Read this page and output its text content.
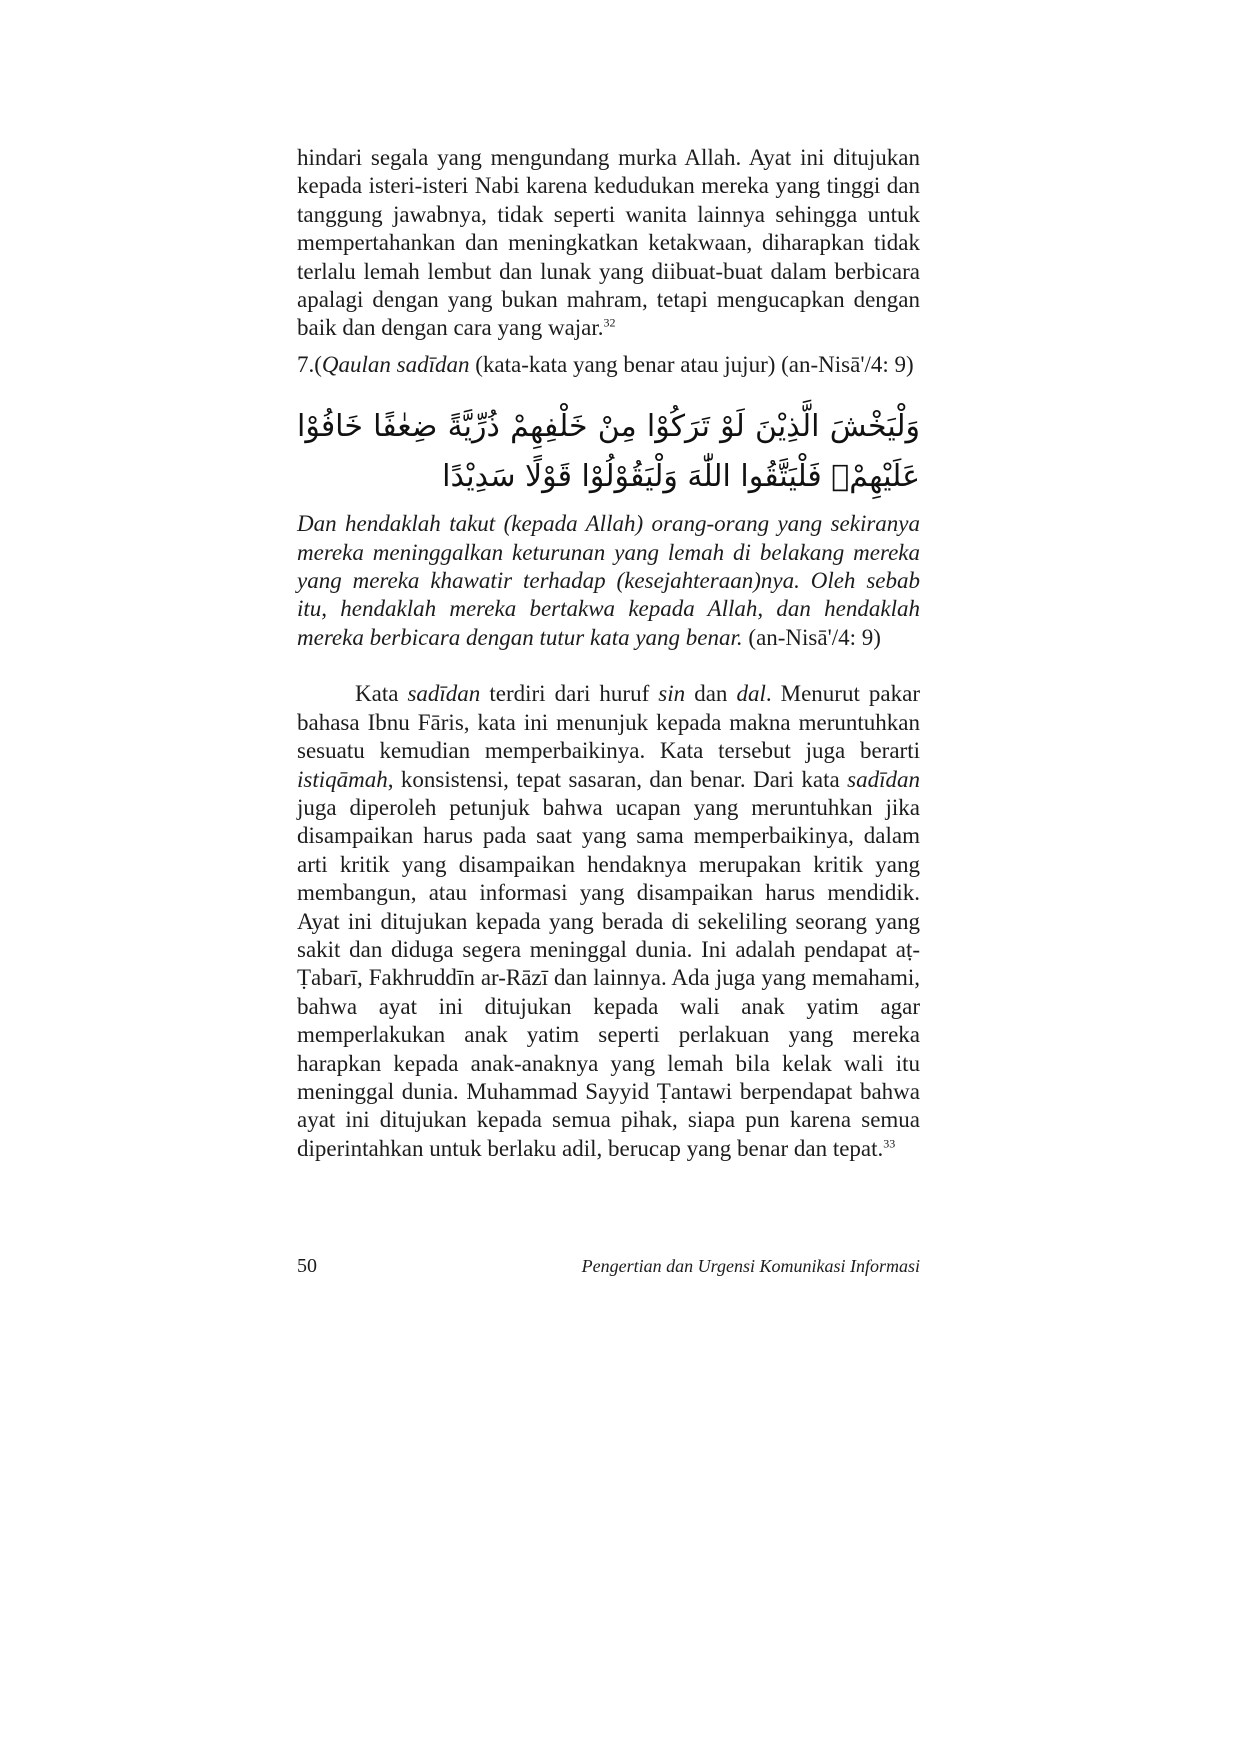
hindari segala yang mengundang murka Allah. Ayat ini ditujukan kepada isteri-isteri Nabi karena kedudukan mereka yang tinggi dan tanggung jawabnya, tidak seperti wanita lainnya sehingga untuk mempertahankan dan meningkatkan ketakwaan, diharapkan tidak terlalu lemah lembut dan lunak yang diibuat-buat dalam berbicara apalagi dengan yang bukan mahram, tetapi mengucapkan dengan baik dan dengan cara yang wajar.$^{32}$

7.(Qaulan sadīdan (kata-kata yang benar atau jujur) (an-Nisā'/4: 9)

وَلْيَخْشَ الَّذِيْنَ لَوْ تَرَكُوْا مِنْ خَلْفِهِمْ ذُرِّيَّةً ضِعٰفًا خَافُوْا عَلَيْهِمْۖ فَلْيَتَّقُوا اللّٰهَ وَلْيَقُوْلُوْا قَوْلًا سَدِيْدًا

Dan hendaklah takut (kepada Allah) orang-orang yang sekiranya mereka meninggalkan keturunan yang lemah di belakang mereka yang mereka khawatir terhadap (kesejahteraan)nya. Oleh sebab itu, hendaklah mereka bertakwa kepada Allah, dan hendaklah mereka berbicara dengan tutur kata yang benar. (an-Nisā'/4: 9)

Kata sadīdan terdiri dari huruf sin dan dal. Menurut pakar bahasa Ibnu Fāris, kata ini menunjuk kepada makna meruntuhkan sesuatu kemudian memperbaikinya. Kata tersebut juga berarti istiqāmah, konsistensi, tepat sasaran, dan benar. Dari kata sadīdan juga diperoleh petunjuk bahwa ucapan yang meruntuhkan jika disampaikan harus pada saat yang sama memperbaikinya, dalam arti kritik yang disampaikan hendaknya merupakan kritik yang membangun, atau informasi yang disampaikan harus mendidik. Ayat ini ditujukan kepada yang berada di sekeliling seorang yang sakit dan diduga segera meninggal dunia. Ini adalah pendapat aṭ-Ṭabarī, Fakhruddīn ar-Rāzī dan lainnya. Ada juga yang memahami, bahwa ayat ini ditujukan kepada wali anak yatim agar memperlakukan anak yatim seperti perlakuan yang mereka harapkan kepada anak-anaknya yang lemah bila kelak wali itu meninggal dunia. Muhammad Sayyid Ṭantawi berpendapat bahwa ayat ini ditujukan kepada semua pihak, siapa pun karena semua diperintahkan untuk berlaku adil, berucap yang benar dan tepat.$^{33}$

50	Pengertian dan Urgensi Komunikasi Informasi
